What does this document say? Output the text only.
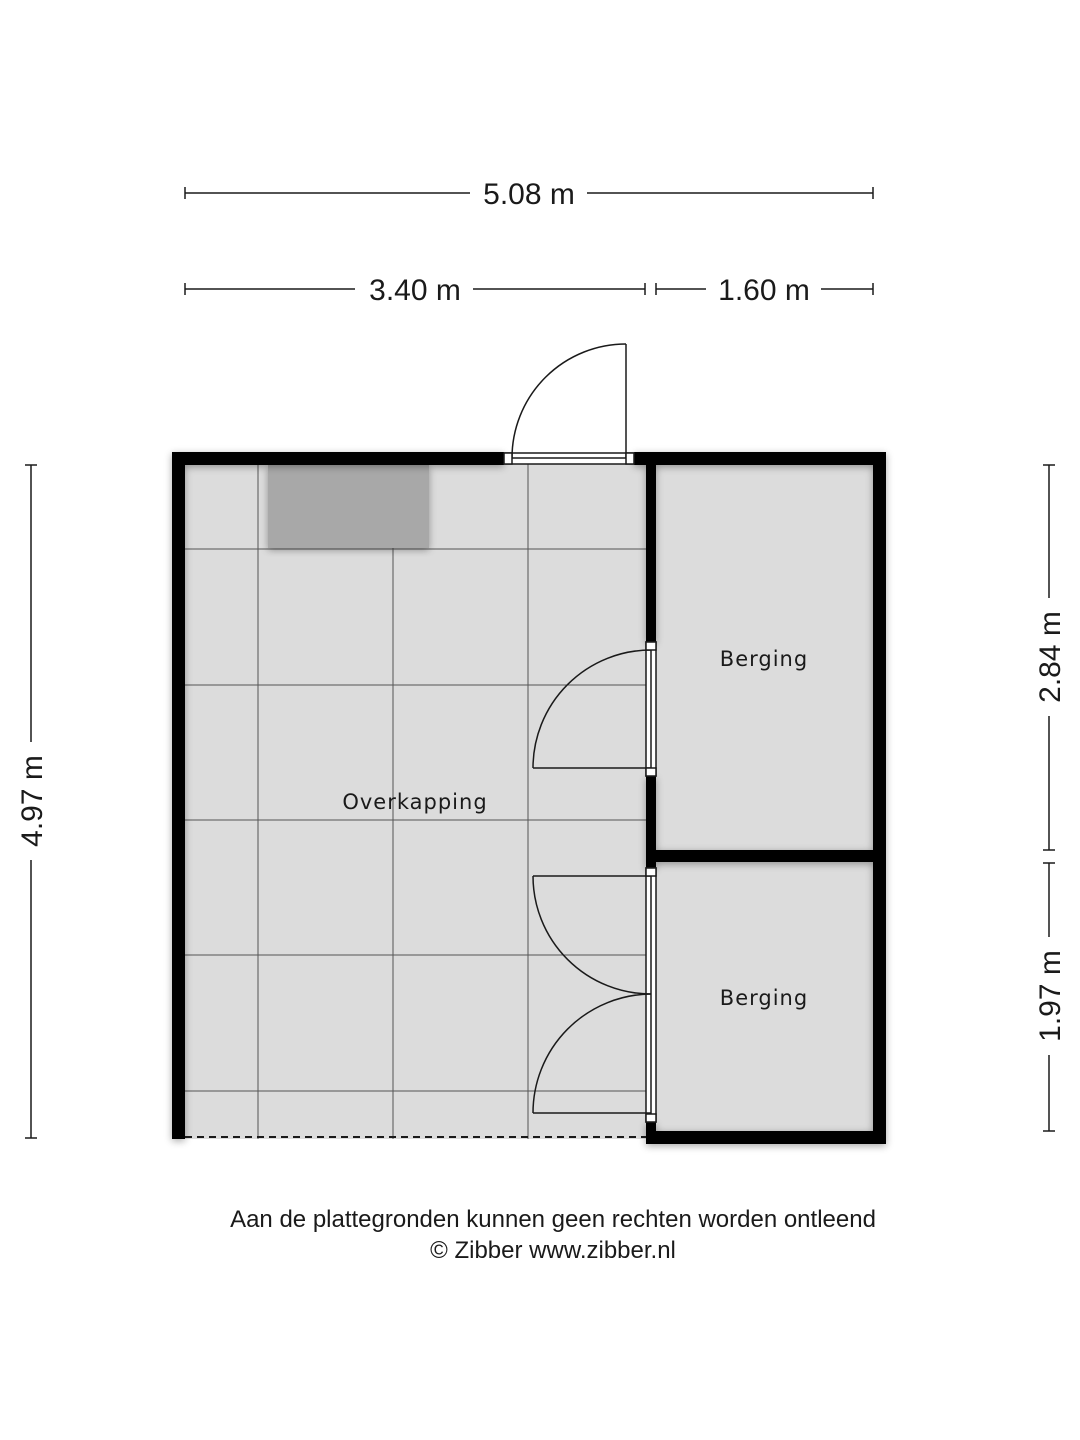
5.08 m
3.40 m	1.60 m
4.97 m
2.84 m
1.97 m
Overkapping
Berging
Berging
Aan de plattegronden kunnen geen rechten worden ontleend
© Zibber www.zibber.nl
